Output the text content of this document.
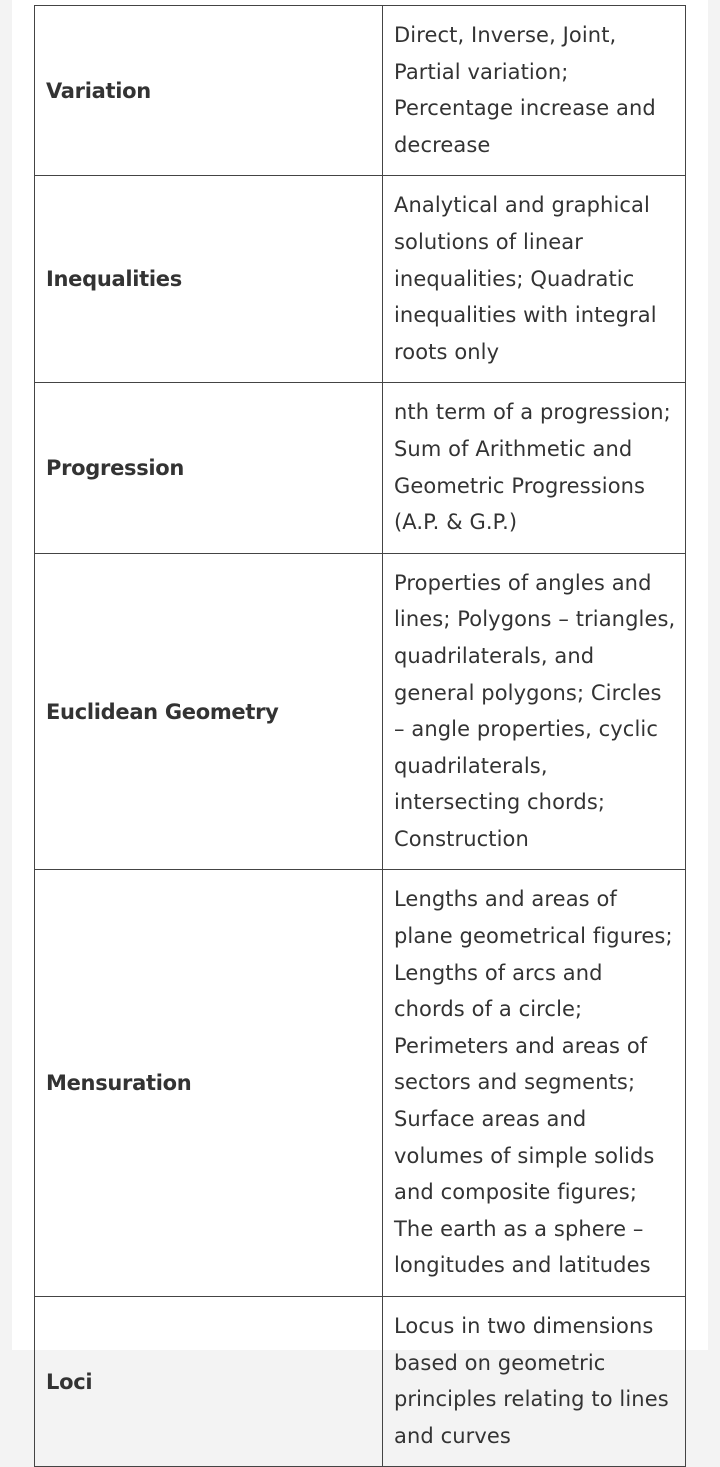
Variation	Direct, Inverse, Joint, Partial variation; Percentage increase and decrease
Inequalities	Analytical and graphical solutions of linear inequalities; Quadratic inequalities with integral roots only
Progression	nth term of a progression; Sum of Arithmetic and Geometric Progressions (A.P. & G.P.)
Euclidean Geometry	Properties of angles and lines; Polygons – triangles, quadrilaterals, and general polygons; Circles – angle properties, cyclic quadrilaterals, intersecting chords; Construction
Mensuration	Lengths and areas of plane geometrical figures; Lengths of arcs and chords of a circle; Perimeters and areas of sectors and segments; Surface areas and volumes of simple solids and composite figures; The earth as a sphere – longitudes and latitudes
Loci	Locus in two dimensions based on geometric principles relating to lines and curves
